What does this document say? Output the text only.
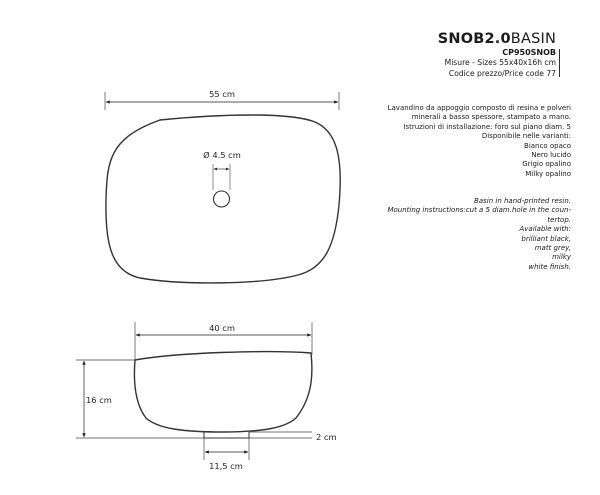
SNOB2.0BASIN
CP950SNOB
Misure - Sizes 55x40x16h cm
Codice prezzo/Price code 77
Lavandino da appoggio composto di resina e polveri
minerali a basso spessore, stampato a mano.
Istruzioni di installazione: foro sul piano diam. 5
Disponibile nelle varianti:
Bianco opaco
Nero lucido
Grigio opalino
Milky opalino
Basin in hand-printed resin.
Mounting instructions:cut a 5 diam.hole in the coun-
tertop.
Available with:
brilliant black,
matt grey,
milky
white finish.
55 cm
Ø 4.5 cm
40 cm
16 cm
2 cm
11,5 cm
